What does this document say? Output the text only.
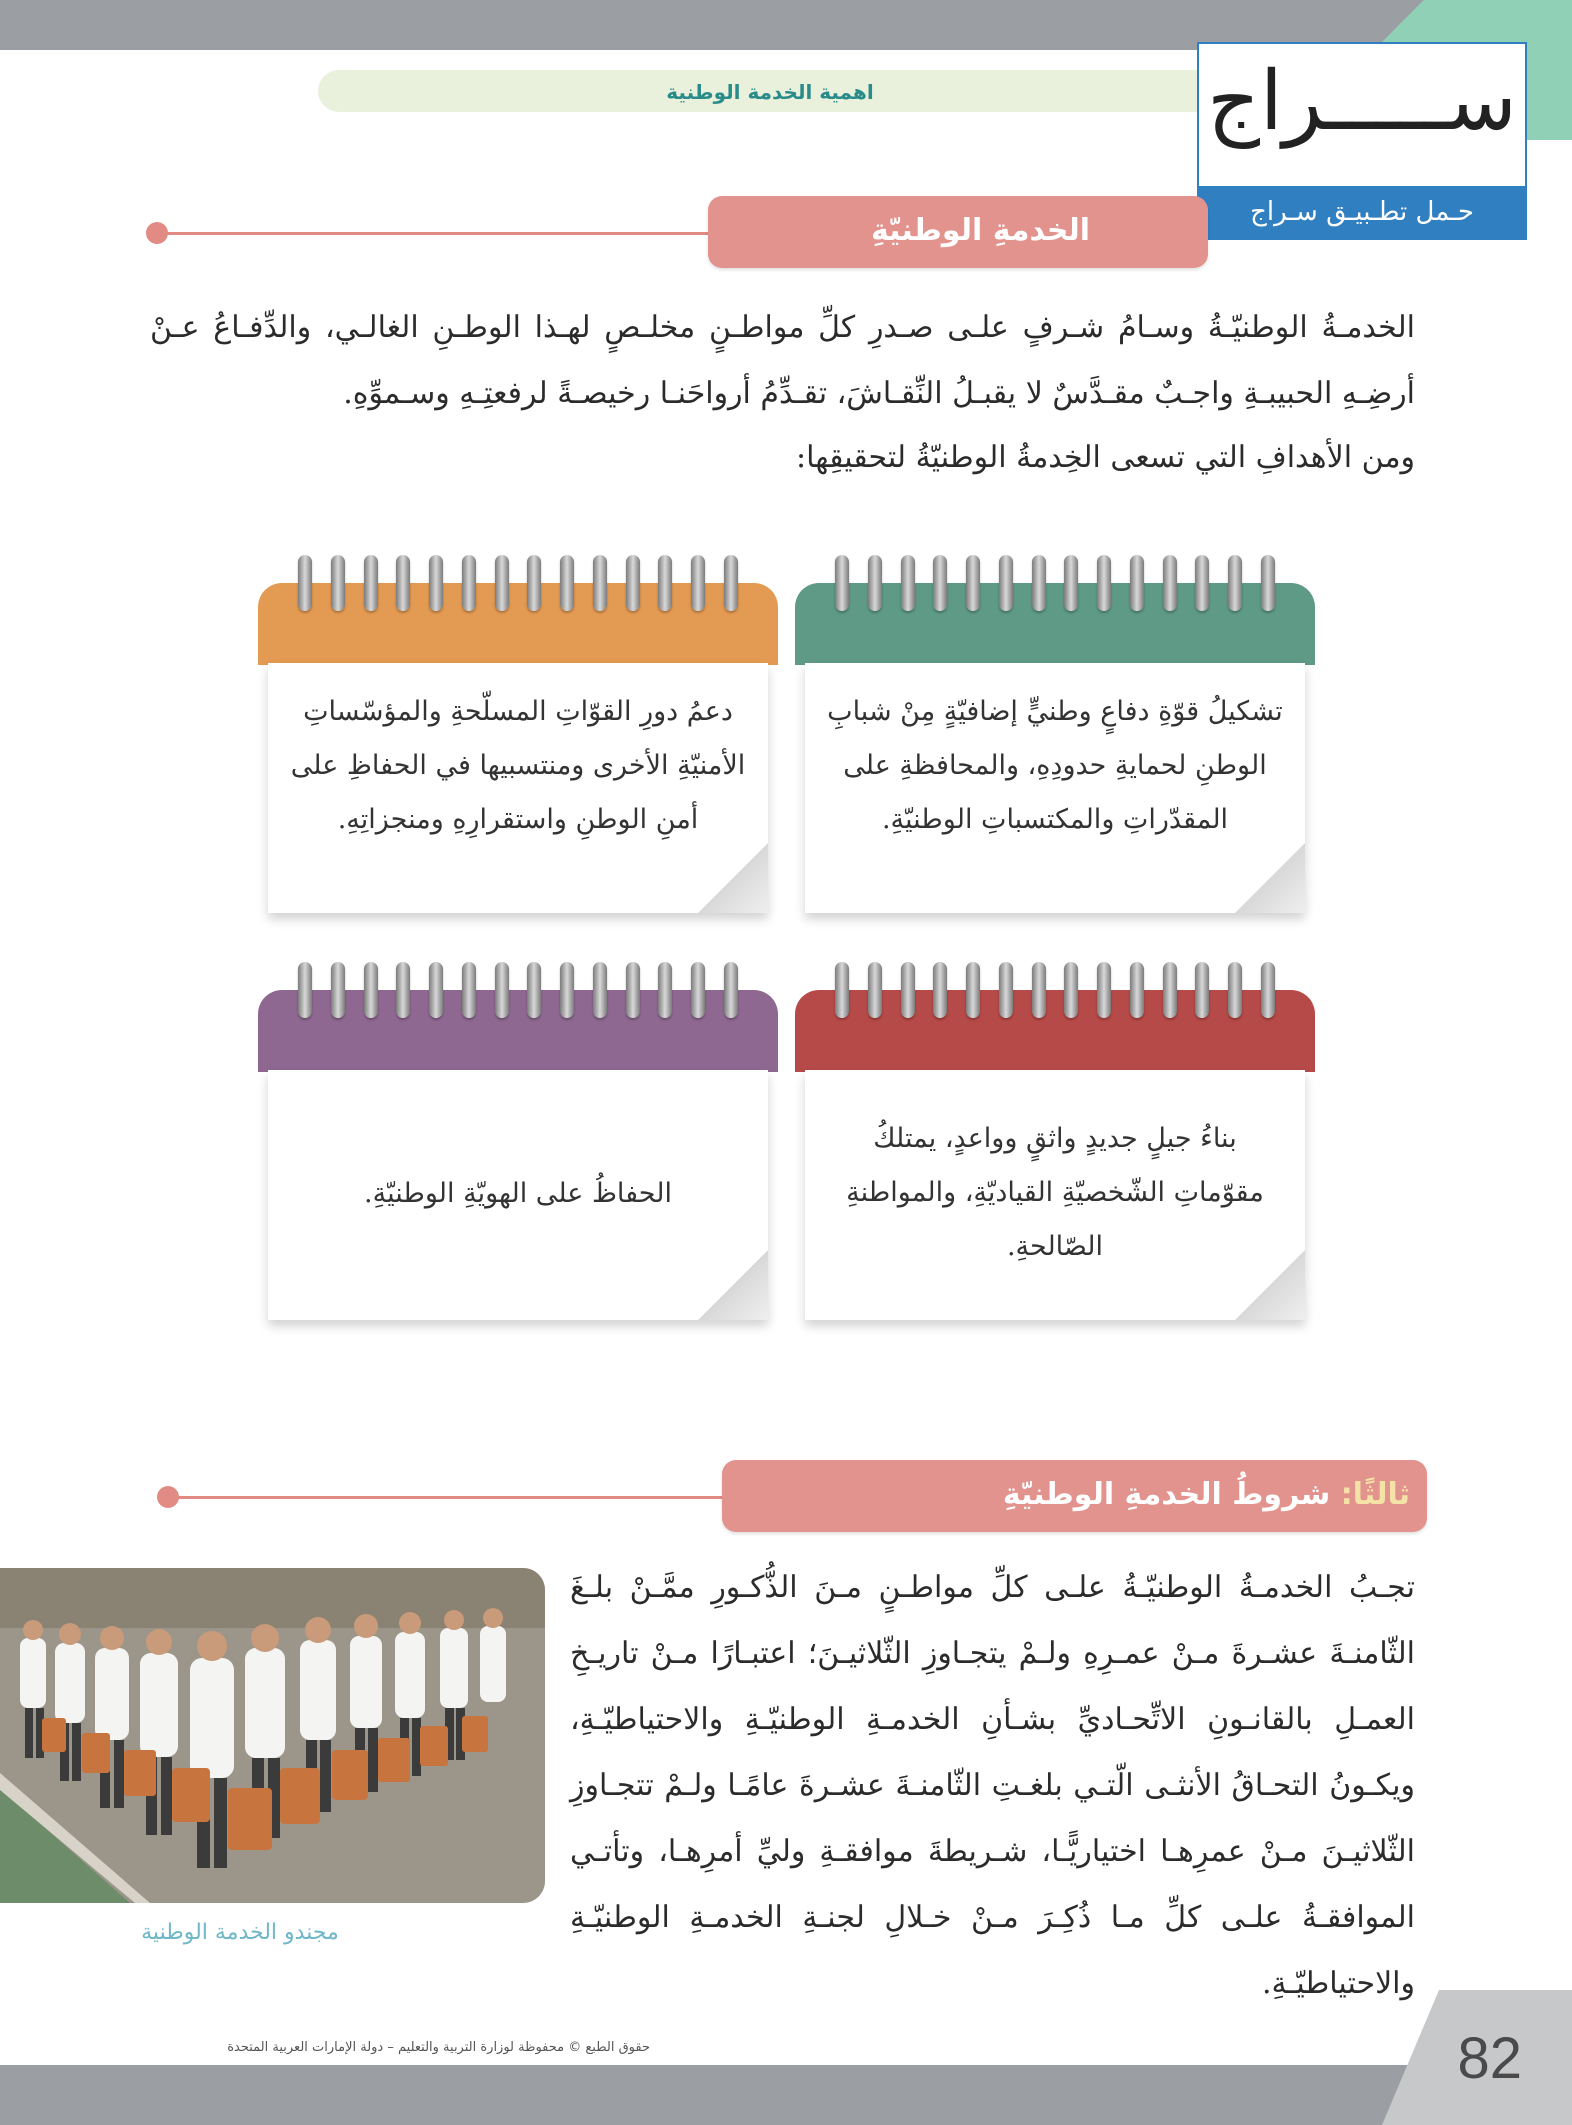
اهمية الخدمة الوطنية	ســـــراج
حـمل تطـبيـق سـراج
الخدمةِ الوطنيّةِ
الخدمـةُ الوطنيّـةُ وسـامُ شـرفٍ علـى صـدرِ كلِّ مواطـنٍ مخلـصٍ لهـذا الوطـنِ الغالـي، والدِّفـاعُ عـنْ أرضِـهِ الحبيبـةِ واجـبٌ مقـدَّسٌ لا يقبـلُ النِّقـاشَ، تقـدِّمُ أرواحَنـا رخيصـةً لرفعتِـهِ وسـموِّهِ.
ومن الأهدافِ التي تسعى الخِدمةُ الوطنيّةُ لتحقيقِها:
تشكيلُ قوّةِ دفاعٍ وطنيٍّ إضافيّةٍ مِنْ شبابِ الوطنِ لحمايةِ حدودِهِ، والمحافظةِ على المقدّراتِ والمكتسباتِ الوطنيّةِ.
دعمُ دورِ القوّاتِ المسلّحةِ والمؤسّساتِ الأمنيّةِ الأخرى ومنتسبيها في الحفاظِ على أمنِ الوطنِ واستقرارِهِ ومنجزاتِهِ.
بناءُ جيلٍ جديدٍ واثقٍ وواعدٍ، يمتلكُ مقوّماتِ الشّخصيّةِ القياديّةِ، والمواطنةِ الصّالحةِ.
الحفاظُ على الهويّةِ الوطنيّةِ.
ثالثًا: شروطُ الخدمةِ الوطنيّةِ
تجـبُ الخدمـةُ الوطنيّـةُ علـى كلِّ مواطـنٍ مـنَ الذُّكـورِ ممَّـنْ بلـغَ الثّامنـةَ عشـرةَ مـنْ عمـرِهِ ولـمْ يتجـاوزِ الثّلاثيـنَ؛ اعتبـارًا مـنْ تاريـخِ العمـلِ بالقانـونِ الاتِّحـاديِّ بشـأنِ الخدمـةِ الوطنيّـةِ والاحتياطيّـةِ، ويكـونُ التحـاقُ الأنثـى الّتـي بلغـتِ الثّامنـةَ عشـرةَ عامًـا ولـمْ تتجـاوزِ الثّلاثيـنَ مـنْ عمرِهـا اختياريًّـا، شـريطةَ موافقـةِ وليِّ أمرِهـا، وتأتـي الموافقـةُ علـى كلِّ مـا ذُكِـرَ مـنْ خـلالِ لجنـةِ الخدمـةِ الوطنيّـةِ والاحتياطيّـةِ.
مجندو الخدمة الوطنية
82
حقوق الطبع © محفوظة لوزارة التربية والتعليم – دولة الإمارات العربية المتحدة
